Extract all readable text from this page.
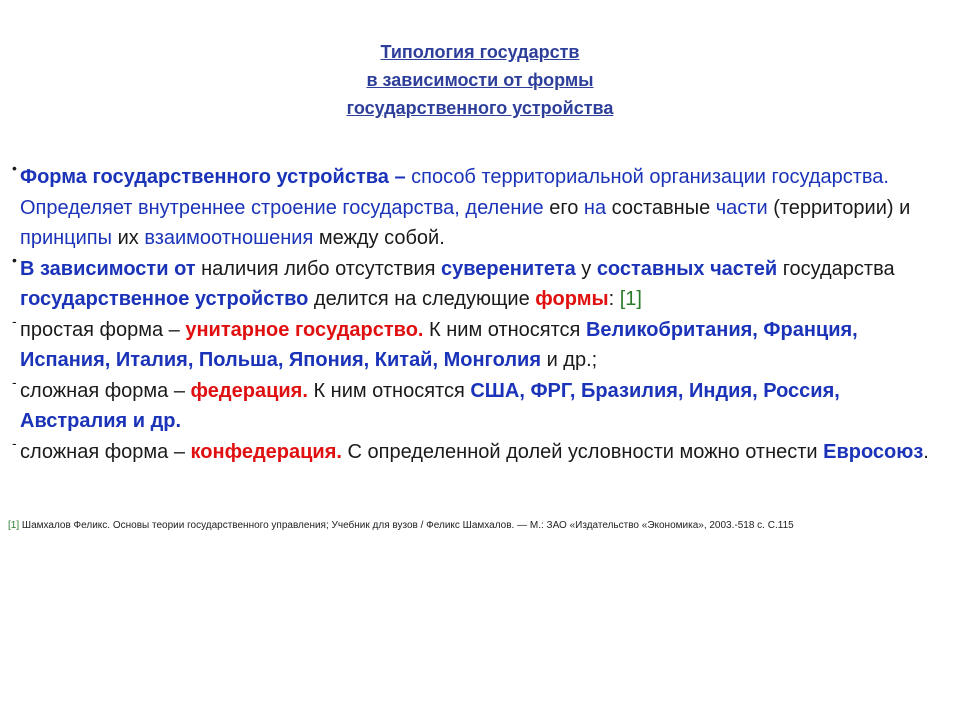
Типология государств
в зависимости от формы
государственного устройства
• Форма государственного устройства – способ территориальной организации государства. Определяет внутреннее строение государства, деление его на составные части (территории) и принципы их взаимоотношения между собой.
• В зависимости от наличия либо отсутствия суверенитета у составных частей государства государственное устройство делится на следующие формы: [1]
- простая форма – унитарное государство. К ним относятся Великобритания, Франция, Испания, Италия, Польша, Япония, Китай, Монголия и др.;
- сложная форма – федерация. К ним относятся США, ФРГ, Бразилия, Индия, Россия, Австралия и др.
- сложная форма – конфедерация. С определенной долей условности можно отнести Евросоюз.
[1] Шамхалов Феликс. Основы теории государственного управления; Учебник для вузов / Феликс Шамхалов. — М.: ЗАО «Издательство «Экономика», 2003.-518 с. С.115
